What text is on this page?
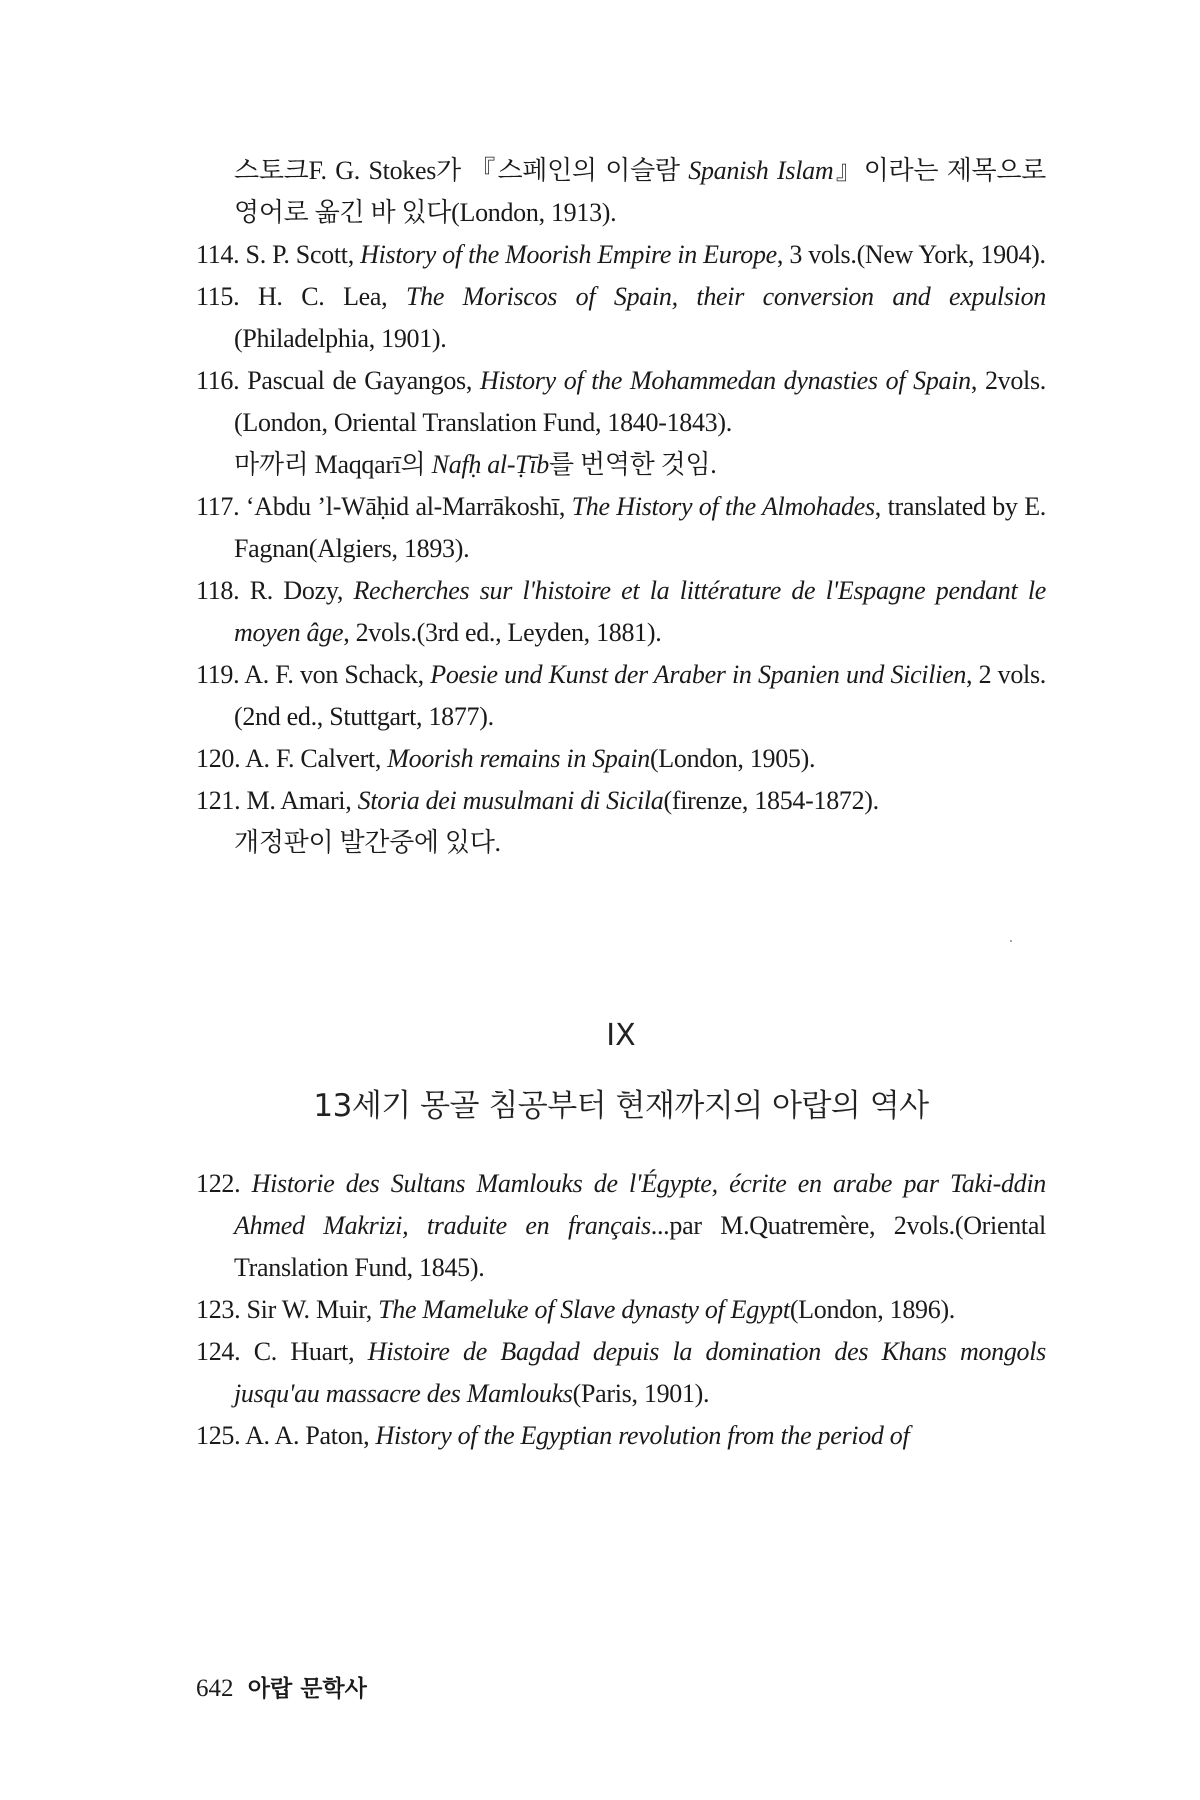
스토크F. G. Stokes가 『스페인의 이슬람 Spanish Islam』이라는 제목으로 영어로 옮긴 바 있다(London, 1913).

114. S. P. Scott, History of the Moorish Empire in Europe, 3 vols.(New York, 1904).

115. H. C. Lea, The Moriscos of Spain, their conversion and expulsion (Philadelphia, 1901).

116. Pascual de Gayangos, History of the Mohammedan dynasties of Spain, 2vols.(London, Oriental Translation Fund, 1840-1843).
마까리 Maqqarī의 Nafḥ al-Ṭīb를 번역한 것임.

117. ‘Abdu ’l-Wāḥid al-Marrākoshī, The History of the Almohades, translated by E. Fagnan(Algiers, 1893).

118. R. Dozy, Recherches sur l'histoire et la littérature de l'Espagne pendant le moyen âge, 2vols.(3rd ed., Leyden, 1881).

119. A. F. von Schack, Poesie und Kunst der Araber in Spanien und Sicilien, 2 vols.(2nd ed., Stuttgart, 1877).

120. A. F. Calvert, Moorish remains in Spain(London, 1905).

121. M. Amari, Storia dei musulmani di Sicila(firenze, 1854-1872).
개정판이 발간중에 있다.

IX
13세기 몽골 침공부터 현재까지의 아랍의 역사

122. Historie des Sultans Mamlouks de l'Égypte, écrite en arabe par Taki-ddin Ahmed Makrizi, traduite en français...par M.Quatremère, 2vols.(Oriental Translation Fund, 1845).

123. Sir W. Muir, The Mameluke of Slave dynasty of Egypt(London, 1896).

124. C. Huart, Histoire de Bagdad depuis la domination des Khans mongols jusqu'au massacre des Mamlouks(Paris, 1901).

125. A. A. Paton, History of the Egyptian revolution from the period of

642 아랍 문학사
